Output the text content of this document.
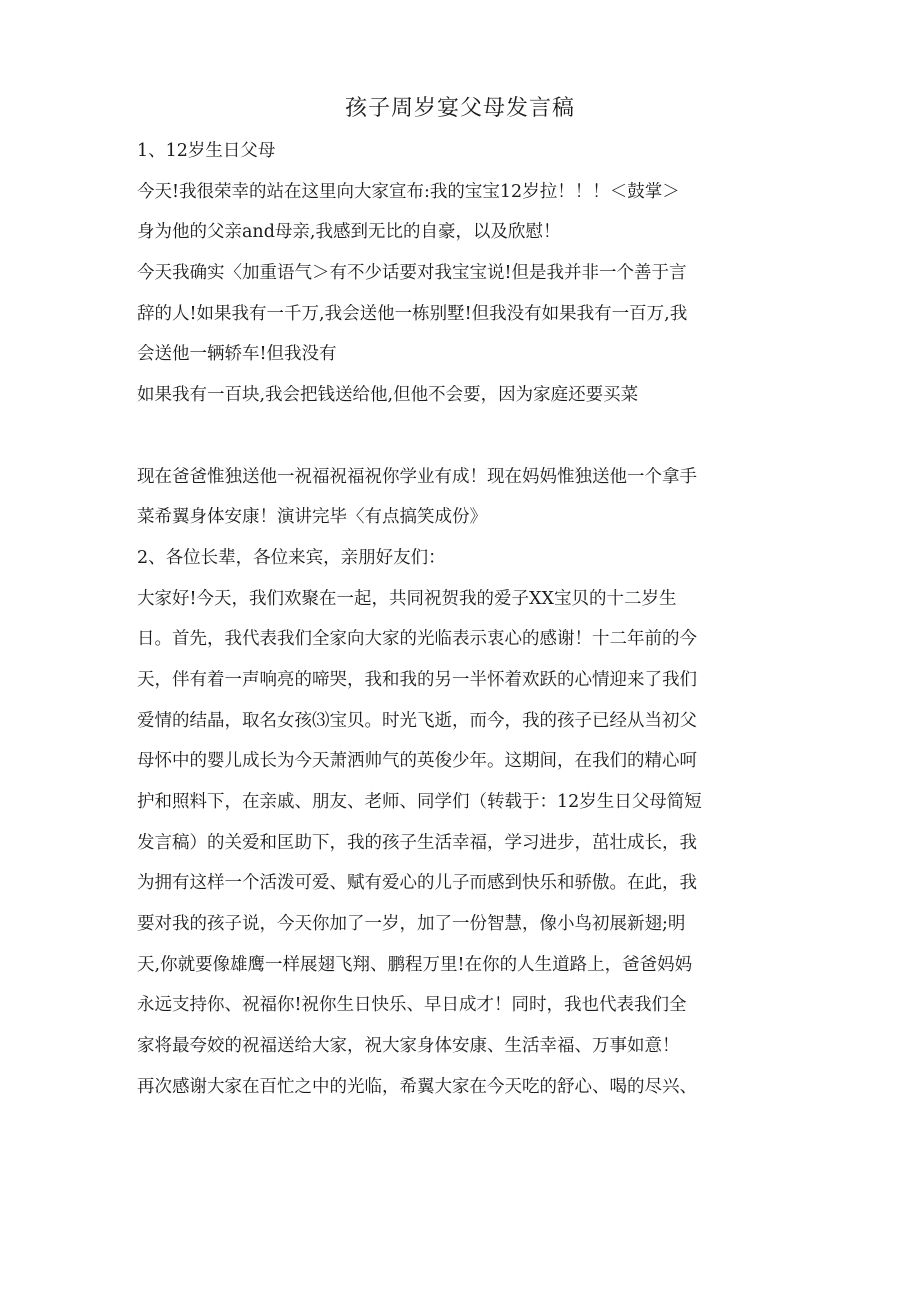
孩子周岁宴父母发言稿
1、12岁生日父母
今天!我很荣幸的站在这里向大家宣布:我的宝宝12岁拉！！！＜鼓掌＞
身为他的父亲and母亲,我感到无比的自豪，以及欣慰！
今天我确实〈加重语气＞有不少话要对我宝宝说!但是我并非一个善于言
辞的人!如果我有一千万,我会送他一栋别墅!但我没有如果我有一百万,我
会送他一辆轿车!但我没有
如果我有一百块,我会把钱送给他,但他不会要，因为家庭还要买菜
现在爸爸惟独送他一祝福祝福祝你学业有成！现在妈妈惟独送他一个拿手
菜希翼身体安康！演讲完毕〈有点搞笑成份》
2、各位长辈，各位来宾，亲朋好友们：
大家好!今天，我们欢聚在一起，共同祝贺我的爱子XX宝贝的十二岁生
日。首先，我代表我们全家向大家的光临表示衷心的感谢！十二年前的今
天，伴有着一声响亮的啼哭，我和我的另一半怀着欢跃的心情迎来了我们
爱情的结晶，取名女孩⑶宝贝。时光飞逝，而今，我的孩子已经从当初父
母怀中的婴儿成长为今天萧洒帅气的英俊少年。这期间，在我们的精心呵
护和照料下，在亲戚、朋友、老师、同学们（转载于：12岁生日父母简短
发言稿）的关爱和匡助下，我的孩子生活幸福，学习进步，茁壮成长，我
为拥有这样一个活泼可爱、赋有爱心的儿子而感到快乐和骄傲。在此，我
要对我的孩子说，今天你加了一岁，加了一份智慧，像小鸟初展新翅;明
天,你就要像雄鹰一样展翅飞翔、鹏程万里!在你的人生道路上，爸爸妈妈
永远支持你、祝福你!祝你生日快乐、早日成才！同时，我也代表我们全
家将最夸姣的祝福送给大家，祝大家身体安康、生活幸福、万事如意！
再次感谢大家在百忙之中的光临，希翼大家在今天吃的舒心、喝的尽兴、
